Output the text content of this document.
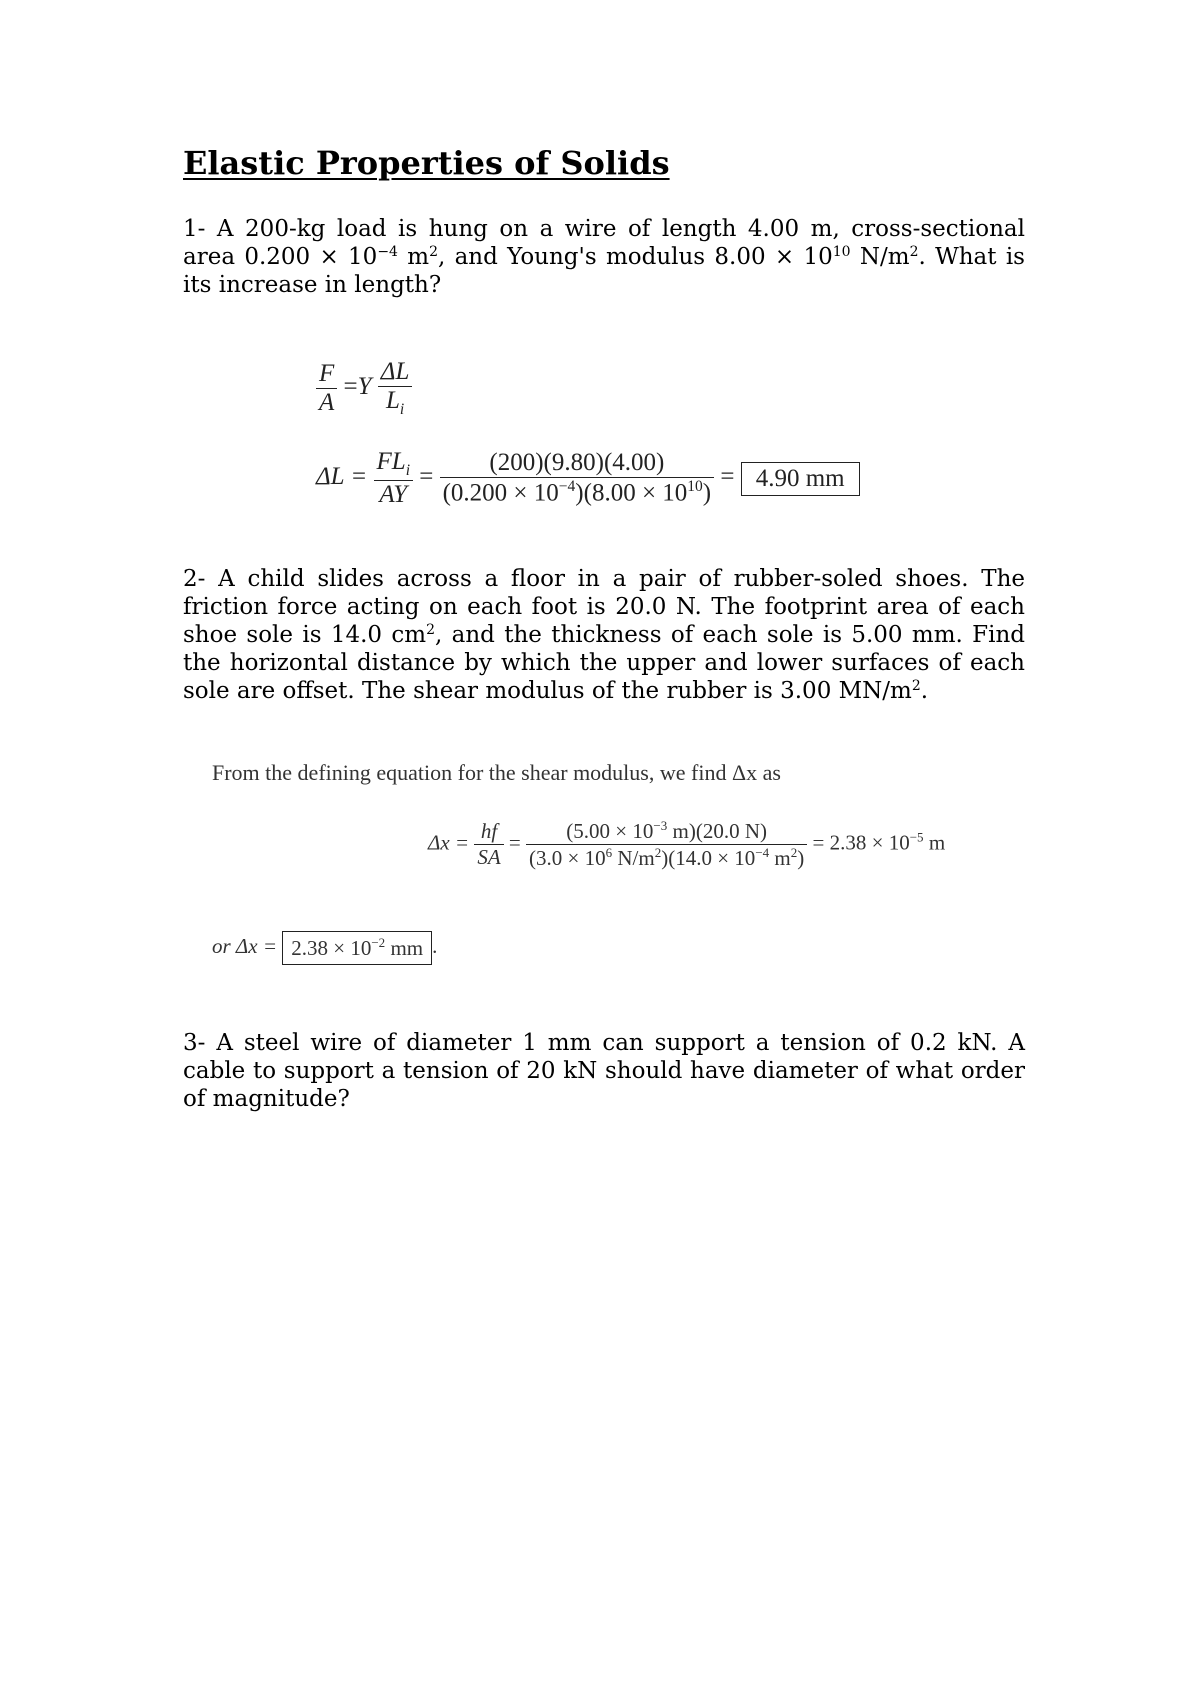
Elastic Properties of Solids
1- A 200-kg load is hung on a wire of length 4.00 m, cross-sectional area $0.200 \times 10^{-4}$ $m^2$, and Young's modulus $8.00 \times 10^{10}$ $N/m^2$. What is its increase in length?
$\frac{F}{A} =Y \frac{\Delta L}{L_i}$
$\Delta L = \frac{FL_i}{AY} = \frac{(200)(9.80)(4.00)}{(0.200 \times 10^{-4})(8.00 \times 10^{10})} = 4.90$ mm
2- A child slides across a floor in a pair of rubber-soled shoes. The friction force acting on each foot is 20.0 N. The footprint area of each shoe sole is 14.0 $cm^2$, and the thickness of each sole is 5.00 mm. Find the horizontal distance by which the upper and lower surfaces of each sole are offset. The shear modulus of the rubber is 3.00 $MN/m^2$.
From the defining equation for the shear modulus, we find Δx as
$\Delta x = \frac{hf}{SA} = \frac{(5.00 \times 10^{-3} m)(20.0 N)}{(3.0 \times 10^6 N/m^2)(14.0 \times 10^{-4} m^2)} = 2.38 \times 10^{-5}$ m
or $\Delta x = 2.38 \times 10^{-2}$ mm .
3- A steel wire of diameter 1 mm can support a tension of 0.2 kN. A cable to support a tension of 20 kN should have diameter of what order of magnitude?
